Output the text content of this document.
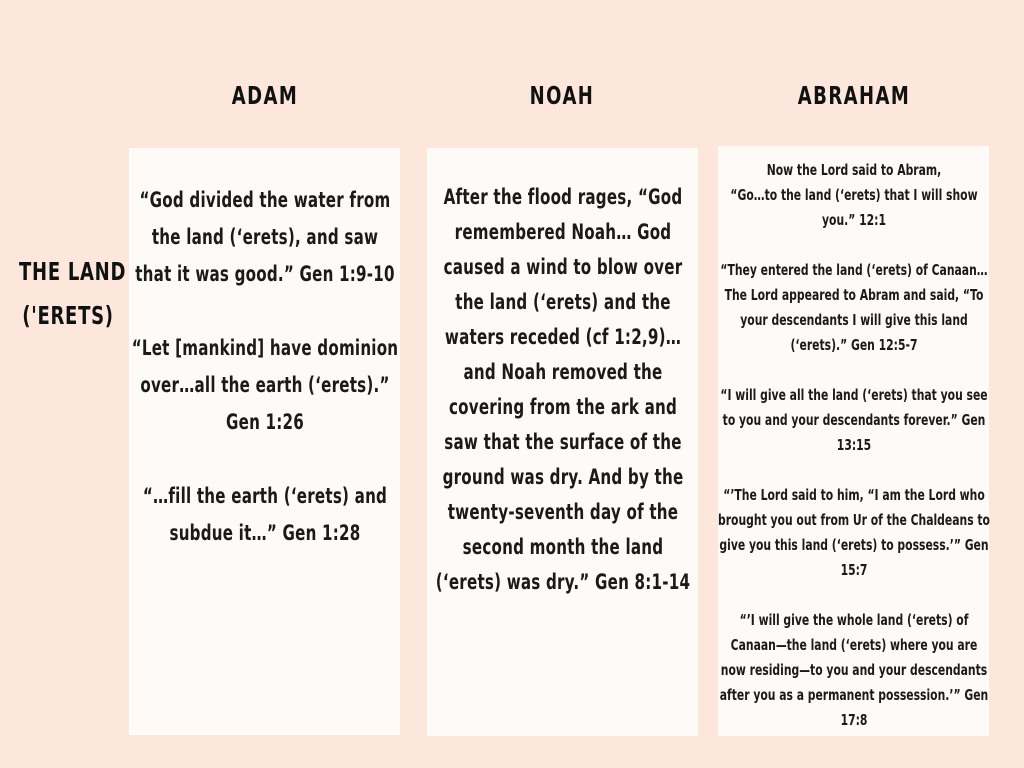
ADAM	NOAH	ABRAHAM
THE LAND
('ERETS)
“God divided the water from the land (‘erets), and saw that it was good.” Gen 1:9-10
“Let [mankind] have dominion over…all the earth (‘erets).” Gen 1:26
“…fill the earth (‘erets) and subdue it…” Gen 1:28
After the flood rages, “God remembered Noah… God caused a wind to blow over the land (‘erets) and the waters receded (cf 1:2,9)… and Noah removed the covering from the ark and saw that the surface of the ground was dry. And by the twenty-seventh day of the second month the land (‘erets) was dry.” Gen 8:1-14
Now the Lord said to Abram,
“Go…to the land (‘erets) that I will show you.” 12:1
“They entered the land (‘erets) of Canaan…The Lord appeared to Abram and said, “To your descendants I will give this land (‘erets).” Gen 12:5-7
“I will give all the land (‘erets) that you see to you and your descendants forever.” Gen 13:15
“’The Lord said to him, “I am the Lord who brought you out from Ur of the Chaldeans to give you this land (‘erets) to possess.’” Gen 15:7
“’I will give the whole land (‘erets) of Canaan—the land (‘erets) where you are now residing—to you and your descendants after you as a permanent possession.’” Gen 17:8
